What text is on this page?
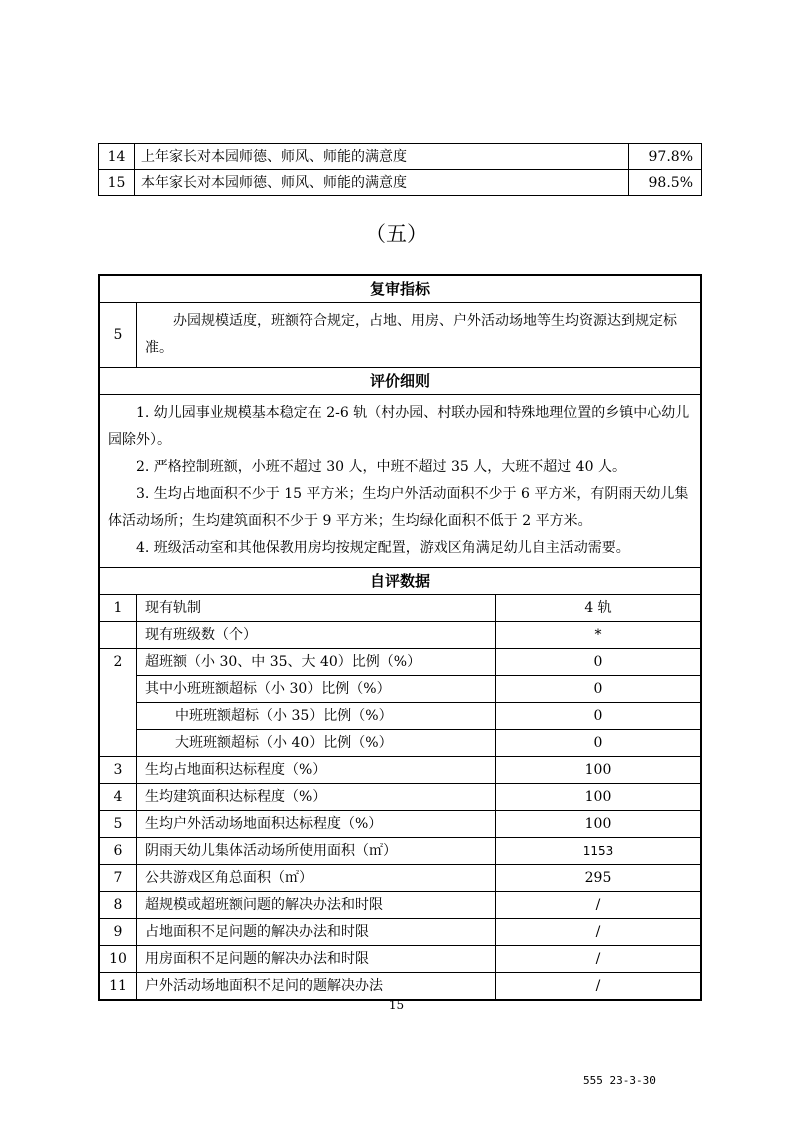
14	上年家长对本园师德、师风、师能的满意度	97.8%
15	本年家长对本园师德、师风、师能的满意度	98.5%
（五）
复审指标		
5	办园规模适度，班额符合规定，占地、用房、户外活动场地等生均资源达到规定标准。	
评价细则		

1. 幼儿园事业规模基本稳定在 2-6 轨（村办园、村联办园和特殊地理位置的乡镇中心幼儿园除外）。
2. 严格控制班额，小班不超过 30 人，中班不超过 35 人，大班不超过 40 人。
3. 生均占地面积不少于 15 平方米；生均户外活动面积不少于 6 平方米，有阴雨天幼儿集体活动场所；生均建筑面积不少于 9 平方米；生均绿化面积不低于 2 平方米。
4. 班级活动室和其他保教用房均按规定配置，游戏区角满足幼儿自主活动需要。		

自评数据		
1	现有轨制	4 轨
	现有班级数（个）	*
2	超班额（小 30、中 35、大 40）比例（%）	0
	其中小班班额超标（小 30）比例（%）	0
	中班班额超标（小 35）比例（%）	0
	大班班额超标（小 40）比例（%）	0
3	生均占地面积达标程度（%）	100
4	生均建筑面积达标程度（%）	100
5	生均户外活动场地面积达标程度（%）	100
6	阴雨天幼儿集体活动场所使用面积（㎡）	1153
7	公共游戏区角总面积（㎡）	295
8	超规模或超班额问题的解决办法和时限	/
9	占地面积不足问题的解决办法和时限	/
10	用房面积不足问题的解决办法和时限	/
11	户外活动场地面积不足问的题解决办法	/
15
555 23-3-30
